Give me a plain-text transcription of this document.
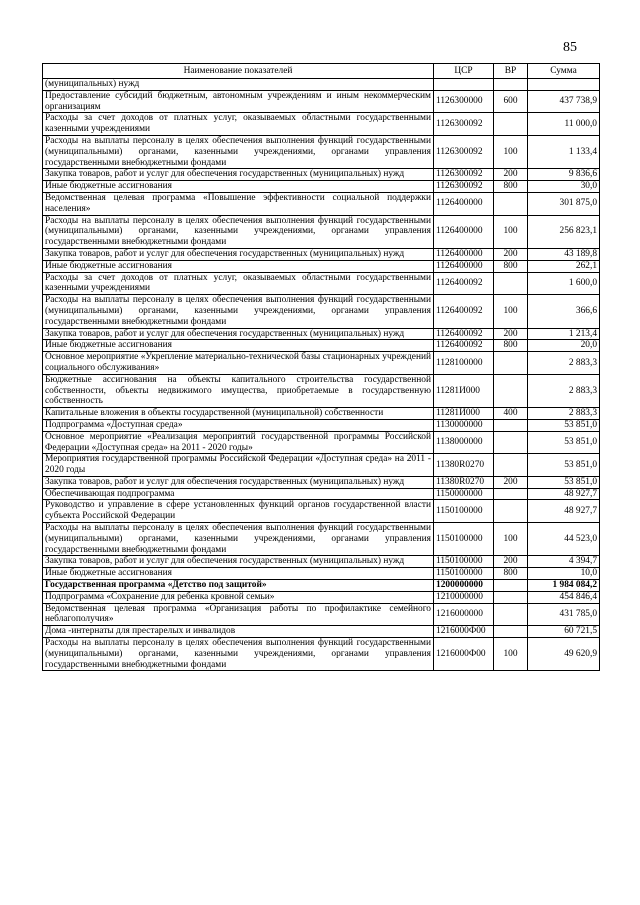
85
Наименование показателей	ЦСР	ВР	Сумма
(муниципальных) нужд			
Предоставление субсидий бюджетным, автономным учреждениям и иным некоммерческим организациям	1126300000	600	437 738,9
Расходы за счет доходов от платных услуг, оказываемых областными государственными казенными учреждениями	1126300092		11 000,0
Расходы на выплаты персоналу в целях обеспечения выполнения функций государственными (муниципальными) органами, казенными учреждениями, органами управления государственными внебюджетными фондами	1126300092	100	1 133,4
Закупка товаров, работ и услуг для обеспечения государственных (муниципальных) нужд	1126300092	200	9 836,6
Иные бюджетные ассигнования	1126300092	800	30,0
Ведомственная целевая программа «Повышение эффективности социальной поддержки населения»	1126400000		301 875,0
Расходы на выплаты персоналу в целях обеспечения выполнения функций государственными (муниципальными) органами, казенными учреждениями, органами управления государственными внебюджетными фондами	1126400000	100	256 823,1
Закупка товаров, работ и услуг для обеспечения государственных (муниципальных) нужд	1126400000	200	43 189,8
Иные бюджетные ассигнования	1126400000	800	262,1
Расходы за счет доходов от платных услуг, оказываемых областными государственными казенными учреждениями	1126400092		1 600,0
Расходы на выплаты персоналу в целях обеспечения выполнения функций государственными (муниципальными) органами, казенными учреждениями, органами управления государственными внебюджетными фондами	1126400092	100	366,6
Закупка товаров, работ и услуг для обеспечения государственных (муниципальных) нужд	1126400092	200	1 213,4
Иные бюджетные ассигнования	1126400092	800	20,0
Основное мероприятие «Укрепление материально-технической базы стационарных учреждений социального обслуживания»	1128100000		2 883,3
Бюджетные ассигнования на объекты капитального строительства государственной собственности, объекты недвижимого имущества, приобретаемые в государственную собственность	11281И000		2 883,3
Капитальные вложения в объекты государственной (муниципальной) собственности	11281И000	400	2 883,3
Подпрограмма «Доступная среда»	1130000000		53 851,0
Основное мероприятие «Реализация мероприятий государственной программы Российской Федерации «Доступная среда» на 2011 - 2020 годы»	1138000000		53 851,0
Мероприятия государственной программы Российской Федерации «Доступная среда» на 2011 - 2020 годы	11380R0270		53 851,0
Закупка товаров, работ и услуг для обеспечения государственных (муниципальных) нужд	11380R0270	200	53 851,0
Обеспечивающая подпрограмма	1150000000		48 927,7
Руководство и управление в сфере установленных функций органов государственной власти субъекта Российской Федерации	1150100000		48 927,7
Расходы на выплаты персоналу в целях обеспечения выполнения функций государственными (муниципальными) органами, казенными учреждениями, органами управления государственными внебюджетными фондами	1150100000	100	44 523,0
Закупка товаров, работ и услуг для обеспечения государственных (муниципальных) нужд	1150100000	200	4 394,7
Иные бюджетные ассигнования	1150100000	800	10,0
Государственная программа «Детство под защитой»	1200000000		1 984 084,2
Подпрограмма «Сохранение для ребенка кровной семьи»	1210000000		454 846,4
Ведомственная целевая программа «Организация работы по профилактике семейного неблагополучия»	1216000000		431 785,0
Дома -интернаты для престарелых и инвалидов	1216000Ф00		60 721,5
Расходы на выплаты персоналу в целях обеспечения выполнения функций государственными (муниципальными) органами, казенными учреждениями, органами управления государственными внебюджетными фондами	1216000Ф00	100	49 620,9
